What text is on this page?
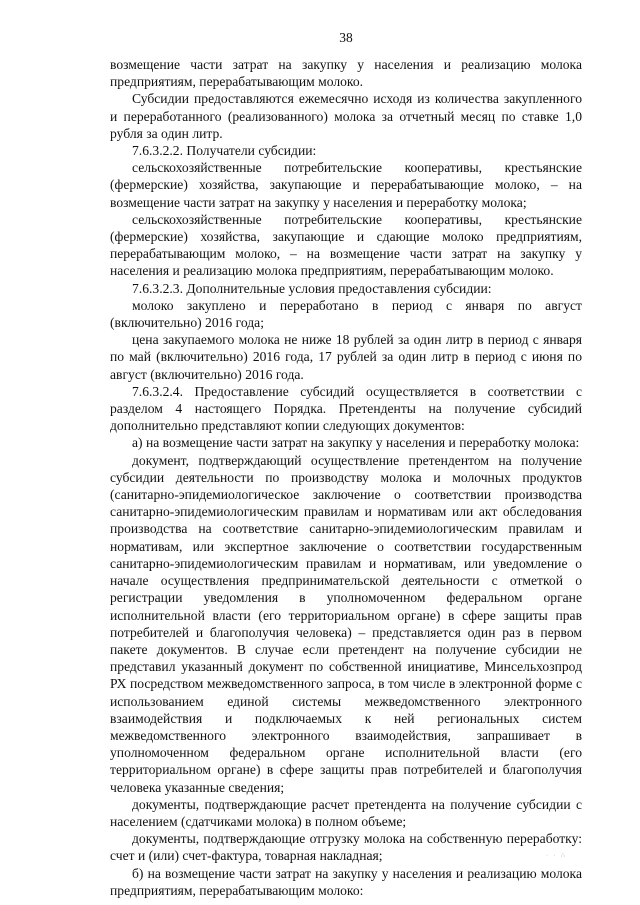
38

возмещение части затрат на закупку у населения и реализацию молока предприятиям, перерабатывающим молоко.

Субсидии предоставляются ежемесячно исходя из количества закупленного и переработанного (реализованного) молока за отчетный месяц по ставке 1,0 рубля за один литр.

7.6.3.2.2. Получатели субсидии:

сельскохозяйственные потребительские кооперативы, крестьянские (фермерские) хозяйства, закупающие и перерабатывающие молоко, – на возмещение части затрат на закупку у населения и переработку молока;

сельскохозяйственные потребительские кооперативы, крестьянские (фермерские) хозяйства, закупающие и сдающие молоко предприятиям, перерабатывающим молоко, – на возмещение части затрат на закупку у населения и реализацию молока предприятиям, перерабатывающим молоко.

7.6.3.2.3. Дополнительные условия предоставления субсидии:

молоко закуплено и переработано в период с января по август (включительно) 2016 года;

цена закупаемого молока не ниже 18 рублей за один литр в период с января по май (включительно) 2016 года, 17 рублей за один литр в период с июня по август (включительно) 2016 года.

7.6.3.2.4. Предоставление субсидий осуществляется в соответствии с разделом 4 настоящего Порядка. Претенденты на получение субсидий дополнительно представляют копии следующих документов:

а) на возмещение части затрат на закупку у населения и переработку молока:

документ, подтверждающий осуществление претендентом на получение субсидии деятельности по производству молока и молочных продуктов (санитарно-эпидемиологическое заключение о соответствии производства санитарно-эпидемиологическим правилам и нормативам или акт обследования производства на соответствие санитарно-эпидемиологическим правилам и нормативам, или экспертное заключение о соответствии государственным санитарно-эпидемиологическим правилам и нормативам, или уведомление о начале осуществления предпринимательской деятельности с отметкой о регистрации уведомления в уполномоченном федеральном органе исполнительной власти (его территориальном органе) в сфере защиты прав потребителей и благополучия человека) – представляется один раз в первом пакете документов. В случае если претендент на получение субсидии не представил указанный документ по собственной инициативе, Минсельхозпрод РХ посредством межведомственного запроса, в том числе в электронной форме с использованием единой системы межведомственного электронного взаимодействия и подключаемых к ней региональных систем межведомственного электронного взаимодействия, запрашивает в уполномоченном федеральном органе исполнительной власти (его территориальном органе) в сфере защиты прав потребителей и благополучия человека указанные сведения;

документы, подтверждающие расчет претендента на получение субсидии с населением (сдатчиками молока) в полном объеме;

документы, подтверждающие отгрузку молока на собственную переработку: счет и (или) счет-фактура, товарная накладная;

б) на возмещение части затрат на закупку у населения и реализацию молока предприятиям, перерабатывающим молоко:

· · ∴
